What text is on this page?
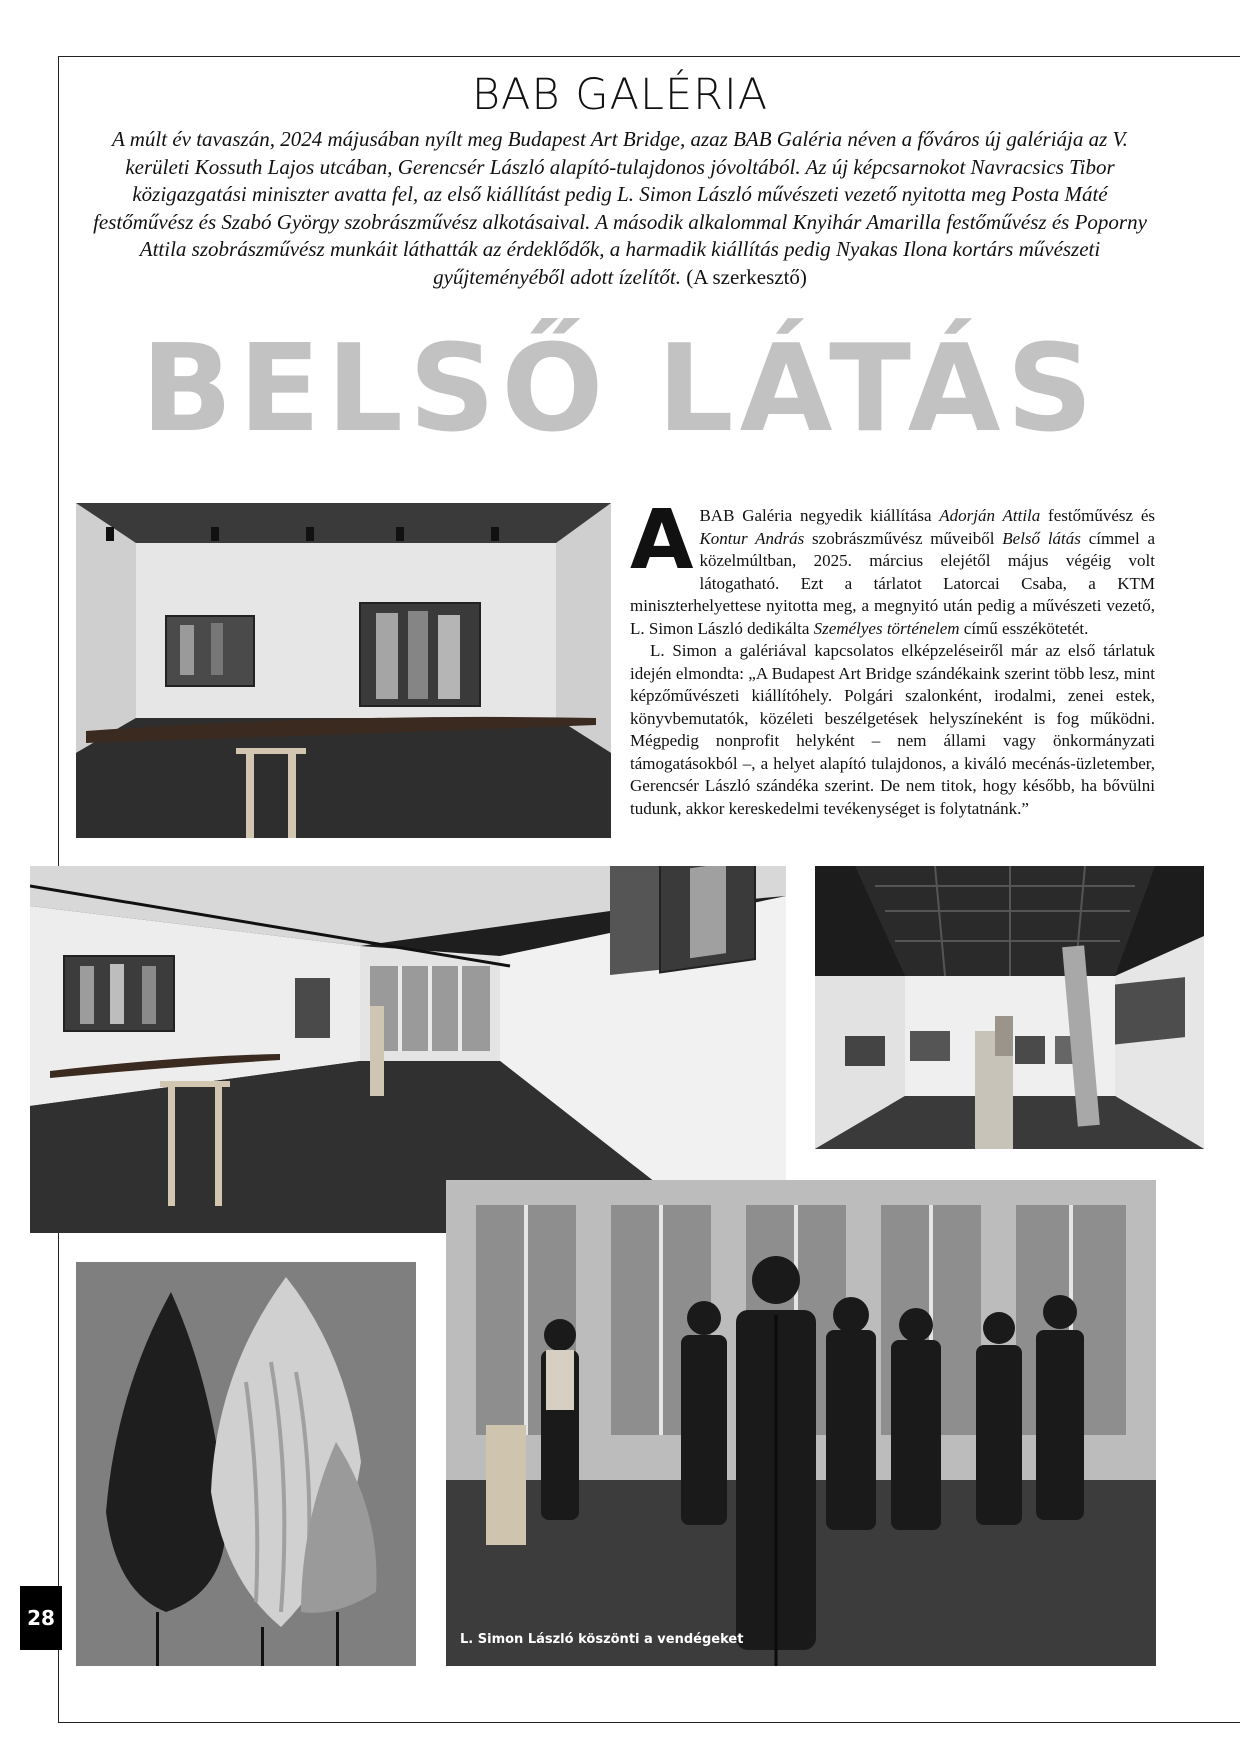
BAB GALÉRIA
A múlt év tavaszán, 2024 májusában nyílt meg Budapest Art Bridge, azaz BAB Galéria néven a főváros új galériája az V. kerületi Kossuth Lajos utcában, Gerencsér László alapító-tulajdonos jóvoltából. Az új képcsarnokot Navracsics Tibor közigazgatási miniszter avatta fel, az első kiállítást pedig L. Simon László művészeti vezető nyitotta meg Posta Máté festőművész és Szabó György szobrászművész alkotásaival. A második alkalommal Knyihár Amarilla festőművész és Poporny Attila szobrászművész munkáit láthatták az érdeklődők, a harmadik kiállítás pedig Nyakas Ilona kortárs művészeti gyűjteményéből adott ízelítőt. (A szerkesztő)
BELSŐ LÁTÁS
L. Simon László köszönti a vendégeket

ABAB Galéria negyedik kiállítása Adorján Attila festőművész és Kontur András szobrászművész műveiből Belső látás címmel a közelmúltban, 2025. március elejétől május végéig volt látogatható. Ezt a tárlatot Latorcai Csaba, a KTM miniszterhelyettese nyitotta meg, a megnyitó után pedig a művészeti vezető, L. Simon László dedikálta Személyes történelem című esszékötetét.

L. Simon a galériával kapcsolatos elképzeléseiről már az első tárlatuk idején elmondta: „A Budapest Art Bridge szándékaink szerint több lesz, mint képzőművészeti kiállítóhely. Polgári szalonként, irodalmi, zenei estek, könyvbemutatók, közéleti beszélgetések helyszíneként is fog működni. Mégpedig nonprofit helyként – nem állami vagy önkormányzati támogatásokból –, a helyet alapító tulajdonos, a kiváló mecénás-üzletember, Gerencsér László szándéka szerint. De nem titok, hogy később, ha bővülni tudunk, akkor kereskedelmi tevékenységet is folytatnánk.”

28
